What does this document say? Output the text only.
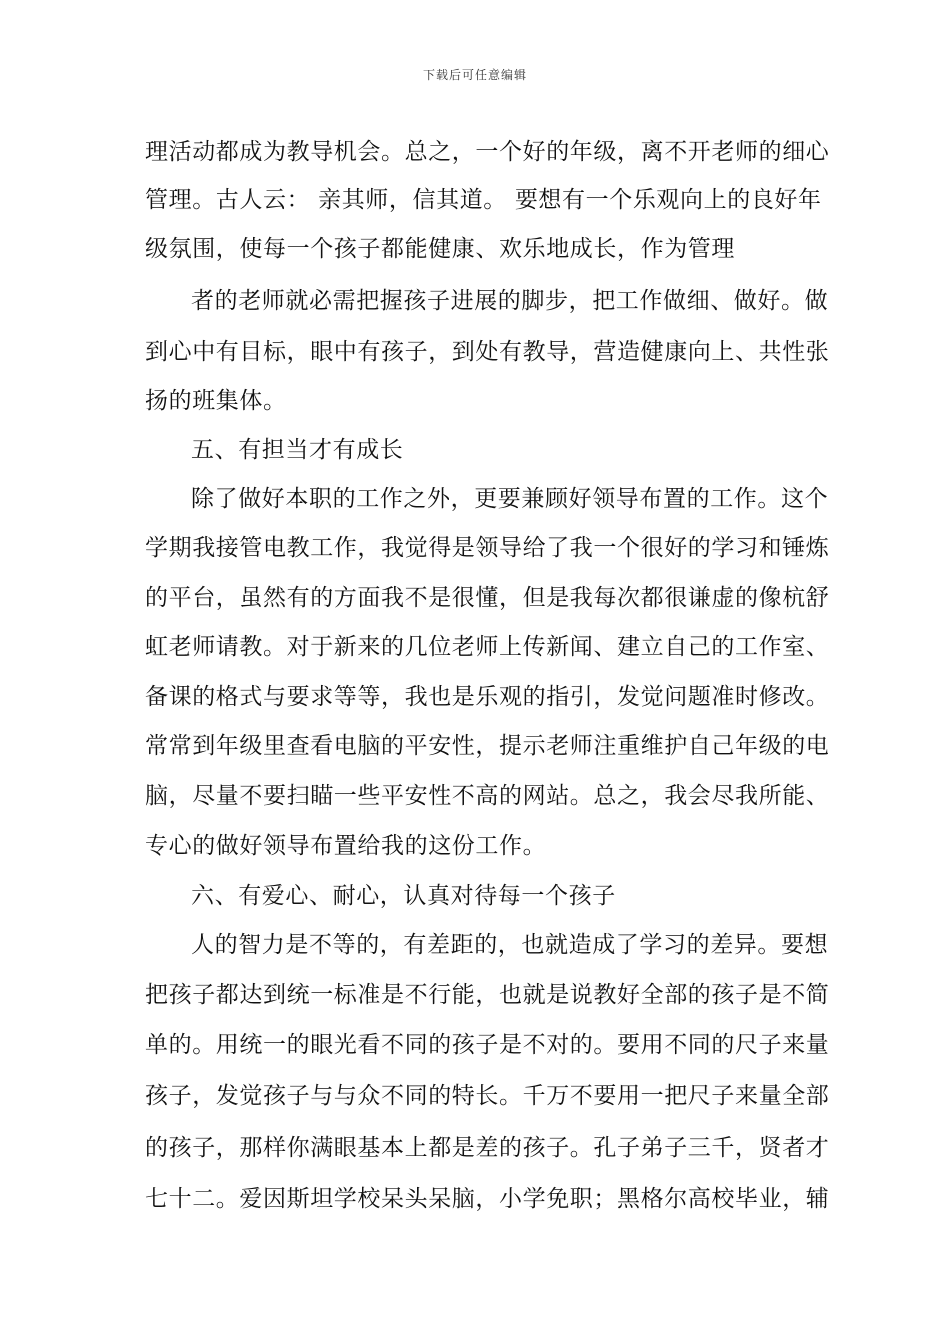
下载后可任意编辑
理活动都成为教导机会。总之，一个好的年级，离不开老师的细心
管理。古人云： 亲其师，信其道。 要想有一个乐观向上的良好年
级氛围，使每一个孩子都能健康、欢乐地成长，作为管理
者的老师就必需把握孩子进展的脚步，把工作做细、做好。做
到心中有目标，眼中有孩子，到处有教导，营造健康向上、共性张
扬的班集体。
五、有担当才有成长
除了做好本职的工作之外，更要兼顾好领导布置的工作。这个
学期我接管电教工作，我觉得是领导给了我一个很好的学习和锤炼
的平台，虽然有的方面我不是很懂，但是我每次都很谦虚的像杭舒
虹老师请教。对于新来的几位老师上传新闻、建立自己的工作室、
备课的格式与要求等等，我也是乐观的指引，发觉问题准时修改。
常常到年级里查看电脑的平安性，提示老师注重维护自己年级的电
脑，尽量不要扫瞄一些平安性不高的网站。总之，我会尽我所能、
专心的做好领导布置给我的这份工作。
六、有爱心、耐心，认真对待每一个孩子
人的智力是不等的，有差距的，也就造成了学习的差异。要想
把孩子都达到统一标准是不行能，也就是说教好全部的孩子是不简
单的。用统一的眼光看不同的孩子是不对的。要用不同的尺子来量
孩子，发觉孩子与与众不同的特长。千万不要用一把尺子来量全部
的孩子，那样你满眼基本上都是差的孩子。孔子弟子三千，贤者才
七十二。爱因斯坦学校呆头呆脑，小学免职；黑格尔高校毕业，辅
